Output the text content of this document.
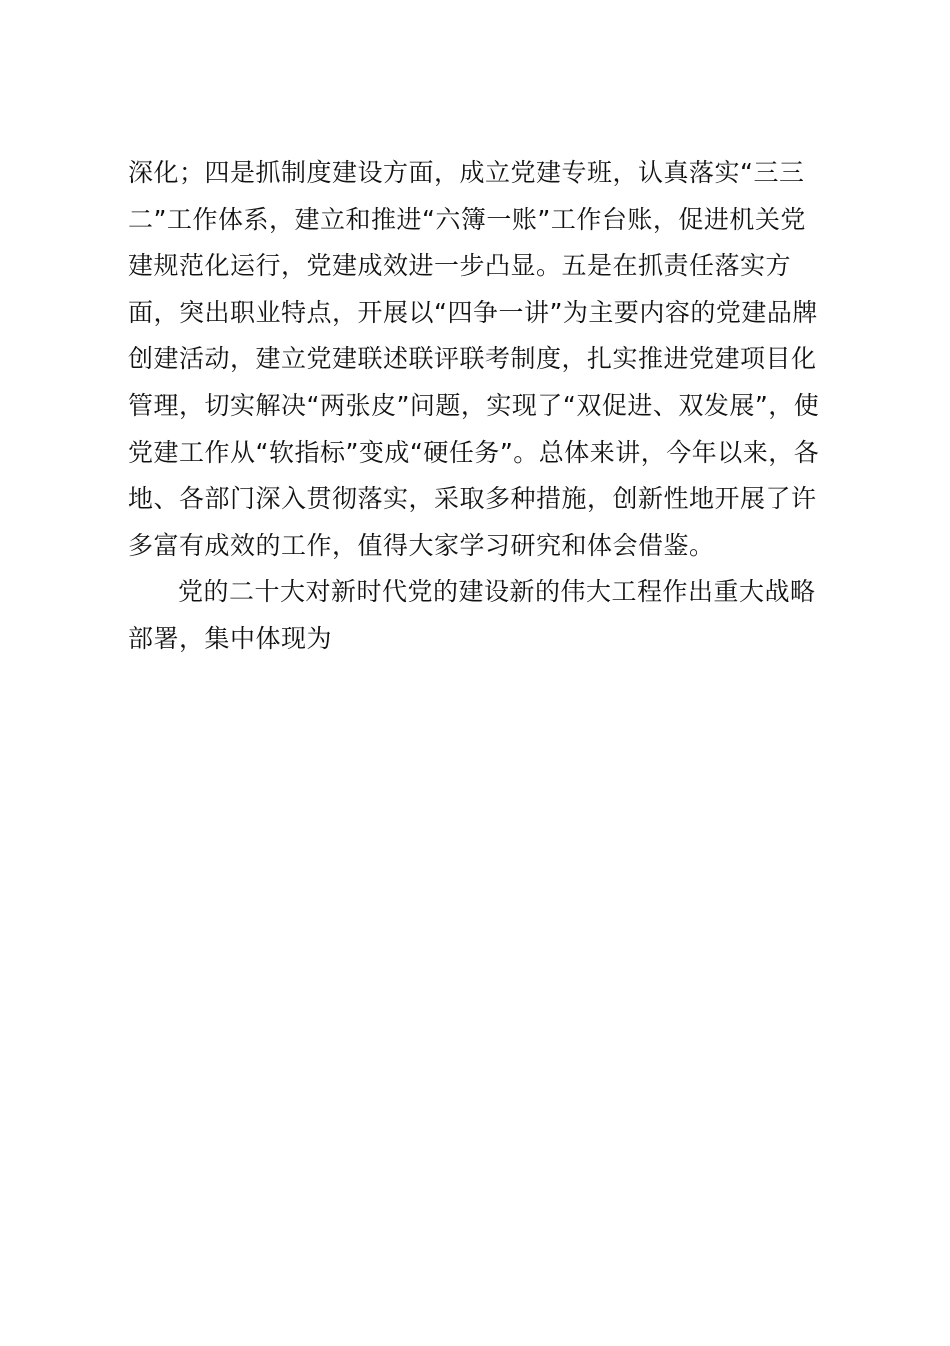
深化；四是抓制度建设方面，成立党建专班，认真落实“三三
二”工作体系，建立和推进“六簿一账”工作台账，促进机关党
建规范化运行，党建成效进一步凸显。五是在抓责任落实方
面，突出职业特点，开展以“四争一讲”为主要内容的党建品牌
创建活动，建立党建联述联评联考制度，扎实推进党建项目化
管理，切实解决“两张皮”问题，实现了“双促进、双发展”，使
党建工作从“软指标”变成“硬任务”。总体来讲，今年以来，各
地、各部门深入贯彻落实，采取多种措施，创新性地开展了许
多富有成效的工作，值得大家学习研究和体会借鉴。
党的二十大对新时代党的建设新的伟大工程作出重大战略
部署，集中体现为
